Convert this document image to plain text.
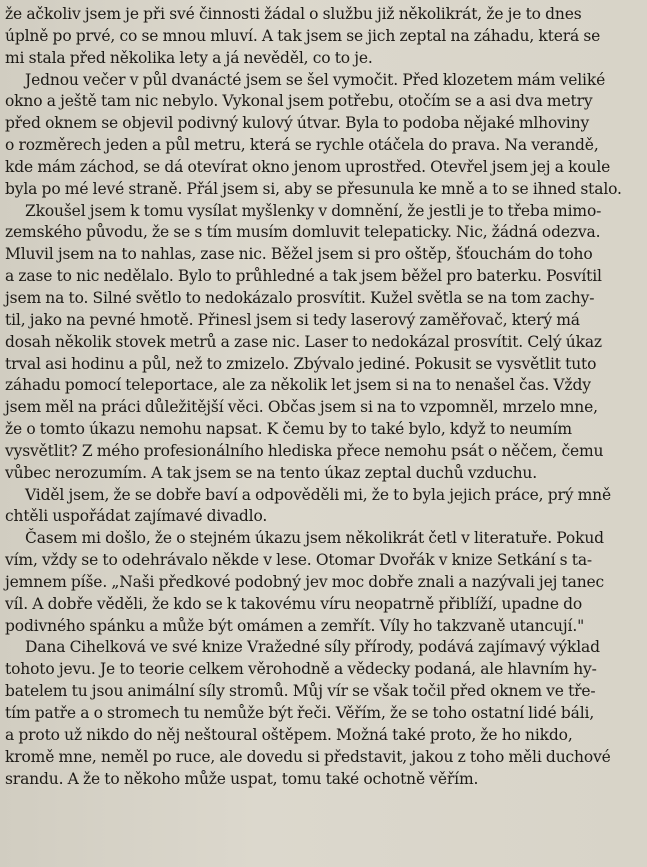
že ačkoliv jsem je při své činnosti žádal o službu již několikrát, že je to dnes
úplně po prvé, co se mnou mluví. A tak jsem se jich zeptal na záhadu, která se
mi stala před několika lety a já nevěděl, co to je.
Jednou večer v půl dvanácté jsem se šel vymočit. Před klozetem mám veliké
okno a ještě tam nic nebylo. Vykonal jsem potřebu, otočím se a asi dva metry
před oknem se objevil podivný kulový útvar. Byla to podoba nějaké mlhoviny
o rozměrech jeden a půl metru, která se rychle otáčela do prava. Na verandě,
kde mám záchod, se dá otevírat okno jenom uprostřed. Otevřel jsem jej a koule
byla po mé levé straně. Přál jsem si, aby se přesunula ke mně a to se ihned stalo.
Zkoušel jsem k tomu vysílat myšlenky v domnění, že jestli je to třeba mimo-
zemského původu, že se s tím musím domluvit telepaticky. Nic, žádná odezva.
Mluvil jsem na to nahlas, zase nic. Běžel jsem si pro oštěp, šťouchám do toho
a zase to nic nedělalo. Bylo to průhledné a tak jsem běžel pro baterku. Posvítil
jsem na to. Silné světlo to nedokázalo prosvítit. Kužel světla se na tom zachy-
til, jako na pevné hmotě. Přinesl jsem si tedy laserový zaměřovač, který má
dosah několik stovek metrů a zase nic. Laser to nedokázal prosvítit. Celý úkaz
trval asi hodinu a půl, než to zmizelo. Zbývalo jediné. Pokusit se vysvětlit tuto
záhadu pomocí teleportace, ale za několik let jsem si na to nenašel čas. Vždy
jsem měl na práci důležitější věci. Občas jsem si na to vzpomněl, mrzelo mne,
že o tomto úkazu nemohu napsat. K čemu by to také bylo, když to neumím
vysvětlit? Z mého profesionálního hlediska přece nemohu psát o něčem, čemu
vůbec nerozumím. A tak jsem se na tento úkaz zeptal duchů vzduchu.
Viděl jsem, že se dobře baví a odpověděli mi, že to byla jejich práce, prý mně
chtěli uspořádat zajímavé divadlo.
Časem mi došlo, že o stejném úkazu jsem několikrát četl v literatuře. Pokud
vím, vždy se to odehrávalo někde v lese. Otomar Dvořák v knize Setkání s ta-
jemnem píše. „Naši předkové podobný jev moc dobře znali a nazývali jej tanec
víl. A dobře věděli, že kdo se k takovému víru neopatrně přiblíží, upadne do
podivného spánku a může být omámen a zemřít. Víly ho takzvaně utancují."
Dana Cihelková ve své knize Vražedné síly přírody, podává zajímavý výklad
tohoto jevu. Je to teorie celkem věrohodně a vědecky podaná, ale hlavním hy-
batelem tu jsou animální síly stromů. Můj vír se však točil před oknem ve tře-
tím patře a o stromech tu nemůže být řeči. Věřím, že se toho ostatní lidé báli,
a proto už nikdo do něj neštoural oštěpem. Možná také proto, že ho nikdo,
kromě mne, neměl po ruce, ale dovedu si představit, jakou z toho měli duchové
srandu. A že to někoho může uspat, tomu také ochotně věřím.
